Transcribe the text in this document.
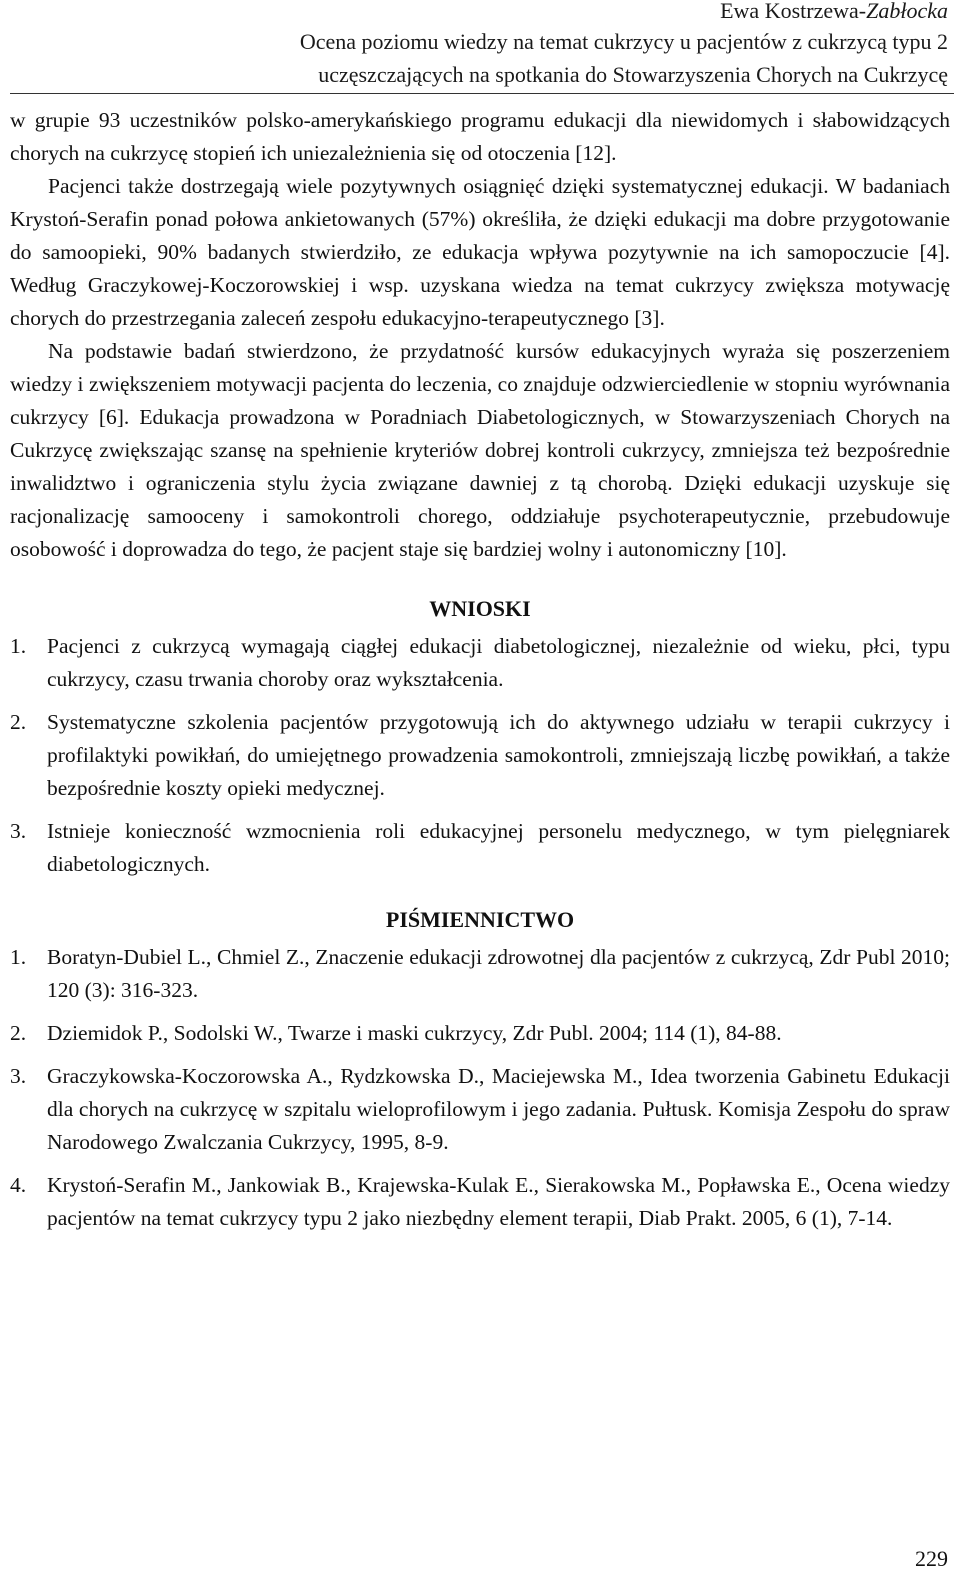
Ewa Kostrzewa-Zabłocka
Ocena poziomu wiedzy na temat cukrzycy u pacjentów z cukrzycą typu 2
uczęszczających na spotkania do Stowarzyszenia Chorych na Cukrzycę

w grupie 93 uczestników polsko-amerykańskiego programu edukacji dla niewidomych i słabowidzących chorych na cukrzycę stopień ich uniezależnienia się od otoczenia [12].

Pacjenci także dostrzegają wiele pozytywnych osiągnięć dzięki systematycznej edukacji. W badaniach Krystoń-Serafin ponad połowa ankietowanych (57%) określiła, że dzięki edukacji ma dobre przygotowanie do samoopieki, 90% badanych stwierdziło, ze edukacja wpływa pozytywnie na ich samopoczucie [4]. Według Graczykowej-Koczorowskiej i wsp. uzyskana wiedza na temat cukrzycy zwiększa motywację chorych do przestrzegania zaleceń zespołu edukacyjno-terapeutycznego [3].

Na podstawie badań stwierdzono, że przydatność kursów edukacyjnych wyraża się poszerzeniem wiedzy i zwiększeniem motywacji pacjenta do leczenia, co znajduje odzwierciedlenie w stopniu wyrównania cukrzycy [6]. Edukacja prowadzona w Poradniach Diabetologicznych, w Stowarzyszeniach Chorych na Cukrzycę zwiększając szansę na spełnienie kryteriów dobrej kontroli cukrzycy, zmniejsza też bezpośrednie inwalidztwo i ograniczenia stylu życia związane dawniej z tą chorobą. Dzięki edukacji uzyskuje się racjonalizację samooceny i samokontroli chorego, oddziałuje psychoterapeutycznie, przebudowuje osobowość i doprowadza do tego, że pacjent staje się bardziej wolny i autonomiczny [10].

WNIOSKI
1. Pacjenci z cukrzycą wymagają ciągłej edukacji diabetologicznej, niezależnie od wieku, płci, typu cukrzycy, czasu trwania choroby oraz wykształcenia.
2. Systematyczne szkolenia pacjentów przygotowują ich do aktywnego udziału w terapii cukrzycy i profilaktyki powikłań, do umiejętnego prowadzenia samokontroli, zmniejszają liczbę powikłań, a także bezpośrednie koszty opieki medycznej.
3. Istnieje konieczność wzmocnienia roli edukacyjnej personelu medycznego, w tym pielęgniarek diabetologicznych.
PIŚMIENNICTWO
1. Boratyn-Dubiel L., Chmiel Z., Znaczenie edukacji zdrowotnej dla pacjentów z cukrzycą, Zdr Publ 2010; 120 (3): 316-323.
2. Dziemidok P., Sodolski W., Twarze i maski cukrzycy, Zdr Publ. 2004; 114 (1), 84-88.
3. Graczykowska-Koczorowska A., Rydzkowska D., Maciejewska M., Idea tworzenia Gabinetu Edukacji dla chorych na cukrzycę w szpitalu wieloprofilowym i jego zadania. Pułtusk. Komisja Zespołu do spraw Narodowego Zwalczania Cukrzycy, 1995, 8-9.
4. Krystoń-Serafin M., Jankowiak B., Krajewska-Kulak E., Sierakowska M., Popławska E., Ocena wiedzy pacjentów na temat cukrzycy typu 2 jako niezbędny element terapii, Diab Prakt. 2005, 6 (1), 7-14.
229
